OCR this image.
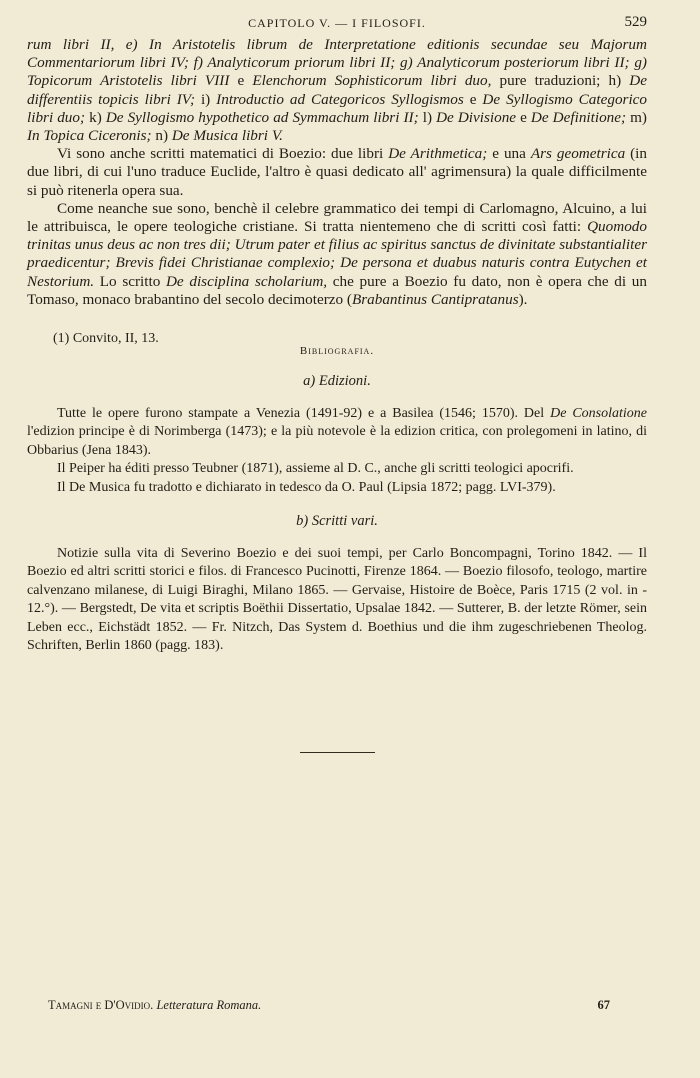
CAPITOLO V. — I FILOSOFI.	529

rum libri II, e) In Aristotelis librum de Interpretatione editionis secundae seu Majorum Commentariorum libri IV; f) Analyticorum priorum libri II; g) Analyticorum posteriorum libri II; g) Topicorum Aristotelis libri VIII e Elenchorum Sophisticorum libri duo, pure traduzioni; h) De differentiis topicis libri IV; i) Introductio ad Categoricos Syllogismos e De Syllogismo Categorico libri duo; k) De Syllogismo hypothetico ad Symmachum libri II; l) De Divisione e De Definitione; m) In Topica Ciceronis; n) De Musica libri V.

Vi sono anche scritti matematici di Boezio: due libri De Arithmetica; e una Ars geometrica (in due libri, di cui l'uno traduce Euclide, l'altro è quasi dedicato all' agrimensura) la quale difficilmente si può ritenerla opera sua.

Come neanche sue sono, benchè il celebre grammatico dei tempi di Carlomagno, Alcuino, a lui le attribuisca, le opere teologiche cristiane. Si tratta nientemeno che di scritti così fatti: Quomodo trinitas unus deus ac non tres dii; Utrum pater et filius ac spiritus sanctus de divinitate substantialiter praedicentur; Brevis fidei Christianae complexio; De persona et duabus naturis contra Eutychen et Nestorium. Lo scritto De disciplina scholarium, che pure a Boezio fu dato, non è opera che di un Tomaso, monaco brabantino del secolo decimoterzo (Brabantinus Cantipratanus).

(1) Convito, II, 13.
Bibliografia.
a) Edizioni.

Tutte le opere furono stampate a Venezia (1491-92) e a Basilea (1546; 1570). Del De Consolatione l'edizion principe è di Norimberga (1473); e la più notevole è la edizion critica, con prolegomeni in latino, di Obbarius (Jena 1843).

Il Peiper ha éditi presso Teubner (1871), assieme al D. C., anche gli scritti teologici apocrifi.

Il De Musica fu tradotto e dichiarato in tedesco da O. Paul (Lipsia 1872; pagg. LVI-379).

b) Scritti vari.

Notizie sulla vita di Severino Boezio e dei suoi tempi, per Carlo Boncompagni, Torino 1842. — Il Boezio ed altri scritti storici e filos. di Francesco Pucinotti, Firenze 1864. — Boezio filosofo, teologo, martire calvenzano milanese, di Luigi Biraghi, Milano 1865. — Gervaise, Histoire de Boèce, Paris 1715 (2 vol. in - 12.°). — Bergstedt, De vita et scriptis Boëthii Dissertatio, Upsalae 1842. — Sutterer, B. der letzte Römer, sein Leben ecc., Eichstädt 1852. — Fr. Nitzch, Das System d. Boethius und die ihm zugeschriebenen Theolog. Schriften, Berlin 1860 (pagg. 183).

Tamagni e D'Ovidio. Letteratura Romana.	67
